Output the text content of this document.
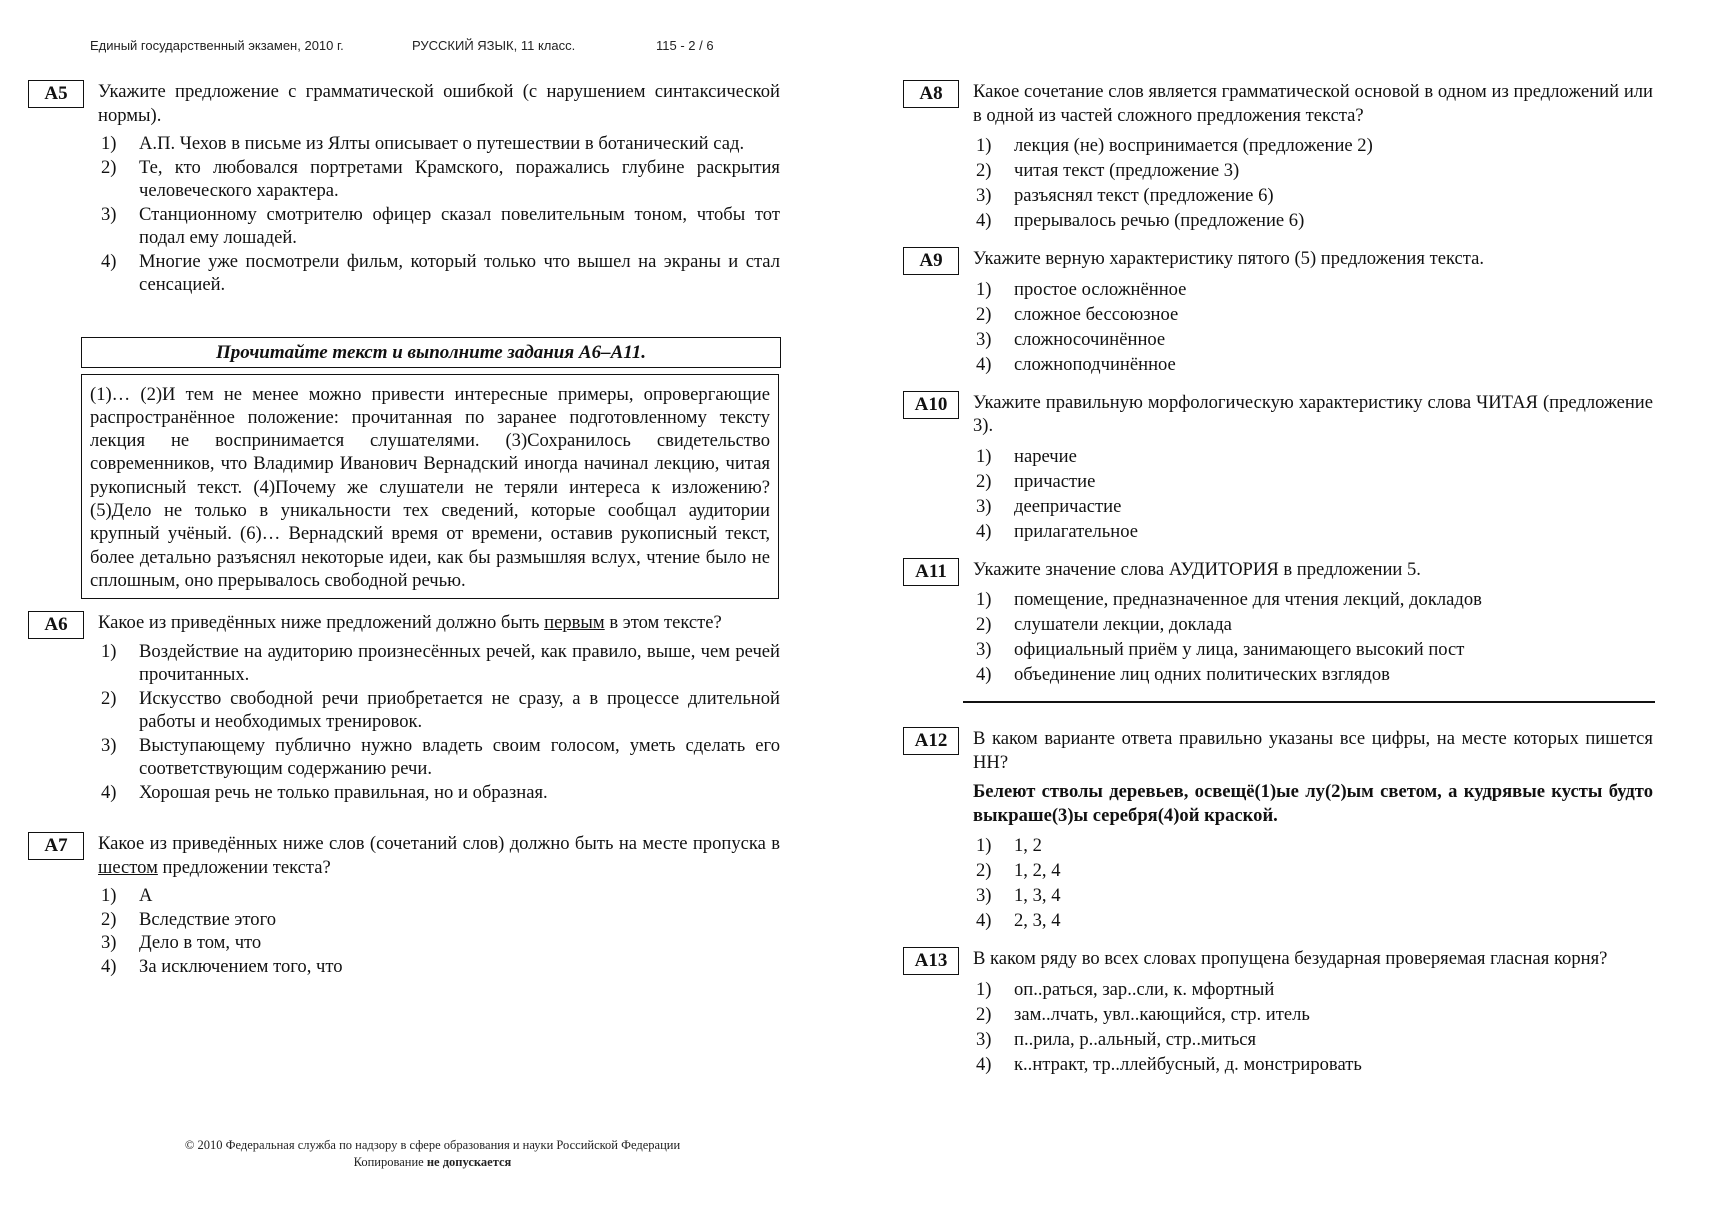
Единый государственный экзамен, 2010 г.	РУССКИЙ ЯЗЫК, 11 класс.	115 - 2 / 6
A5	Укажите предложение с грамматической ошибкой (с нарушением синтаксической нормы).
1)	А.П. Чехов в письме из Ялты описывает о путешествии в ботанический сад.
2)	Те, кто любовался портретами Крамского, поражались глубине раскрытия человеческого характера.
3)	Станционному смотрителю офицер сказал повелительным тоном, чтобы тот подал ему лошадей.
4)	Многие уже посмотрели фильм, который только что вышел на экраны и стал сенсацией.
Прочитайте текст и выполните задания А6–А11.
(1)… (2)И тем не менее можно привести интересные примеры, опровергающие распространённое положение: прочитанная по заранее подготовленному тексту лекция не воспринимается слушателями. (3)Сохранилось свидетельство современников, что Владимир Иванович Вернадский иногда начинал лекцию, читая рукописный текст. (4)Почему же слушатели не теряли интереса к изложению? (5)Дело не только в уникальности тех сведений, которые сообщал аудитории крупный учёный. (6)… Вернадский время от времени, оставив рукописный текст, более детально разъяснял некоторые идеи, как бы размышляя вслух, чтение было не сплошным, оно прерывалось свободной речью.
A6	Какое из приведённых ниже предложений должно быть первым в этом тексте?
1)	Воздействие на аудиторию произнесённых речей, как правило, выше, чем речей прочитанных.
2)	Искусство свободной речи приобретается не сразу, а в процессе длительной работы и необходимых тренировок.
3)	Выступающему публично нужно владеть своим голосом, уметь сделать его соответствующим содержанию речи.
4)	Хорошая речь не только правильная, но и образная.
A7	Какое из приведённых ниже слов (сочетаний слов) должно быть на месте пропуска в шестом предложении текста?
1)	А
2)	Вследствие этого
3)	Дело в том, что
4)	За исключением того, что
A8	Какое сочетание слов является грамматической основой в одном из предложений или в одной из частей сложного предложения текста?
1)	лекция (не) воспринимается (предложение 2)
2)	читая текст (предложение 3)
3)	разъяснял текст (предложение 6)
4)	прерывалось речью (предложение 6)
A9	Укажите верную характеристику пятого (5) предложения текста.
1)	простое осложнённое
2)	сложное бессоюзное
3)	сложносочинённое
4)	сложноподчинённое
A10	Укажите правильную морфологическую характеристику слова ЧИТАЯ (предложение 3).
1)	наречие
2)	причастие
3)	деепричастие
4)	прилагательное
A11	Укажите значение слова АУДИТОРИЯ в предложении 5.
1)	помещение, предназначенное для чтения лекций, докладов
2)	слушатели лекции, доклада
3)	официальный приём у лица, занимающего высокий пост
4)	объединение лиц одних политических взглядов
A12	В каком варианте ответа правильно указаны все цифры, на месте которых пишется НН?
Белеют стволы деревьев, освещё(1)ые лу(2)ым светом, а кудрявые кусты будто выкраше(3)ы серебря(4)ой краской.
1)	1, 2
2)	1, 2, 4
3)	1, 3, 4
4)	2, 3, 4
A13	В каком ряду во всех словах пропущена безударная проверяемая гласная корня?
1)	оп..раться, зар..сли, к. мфортный
2)	зам..лчать, увл..кающийся, стр. итель
3)	п..рила, р..альный, стр..миться
4)	к..нтракт, тр..ллейбусный, д. монстрировать
© 2010 Федеральная служба по надзору в сфере образования и науки Российской Федерации
Копирование не допускается
